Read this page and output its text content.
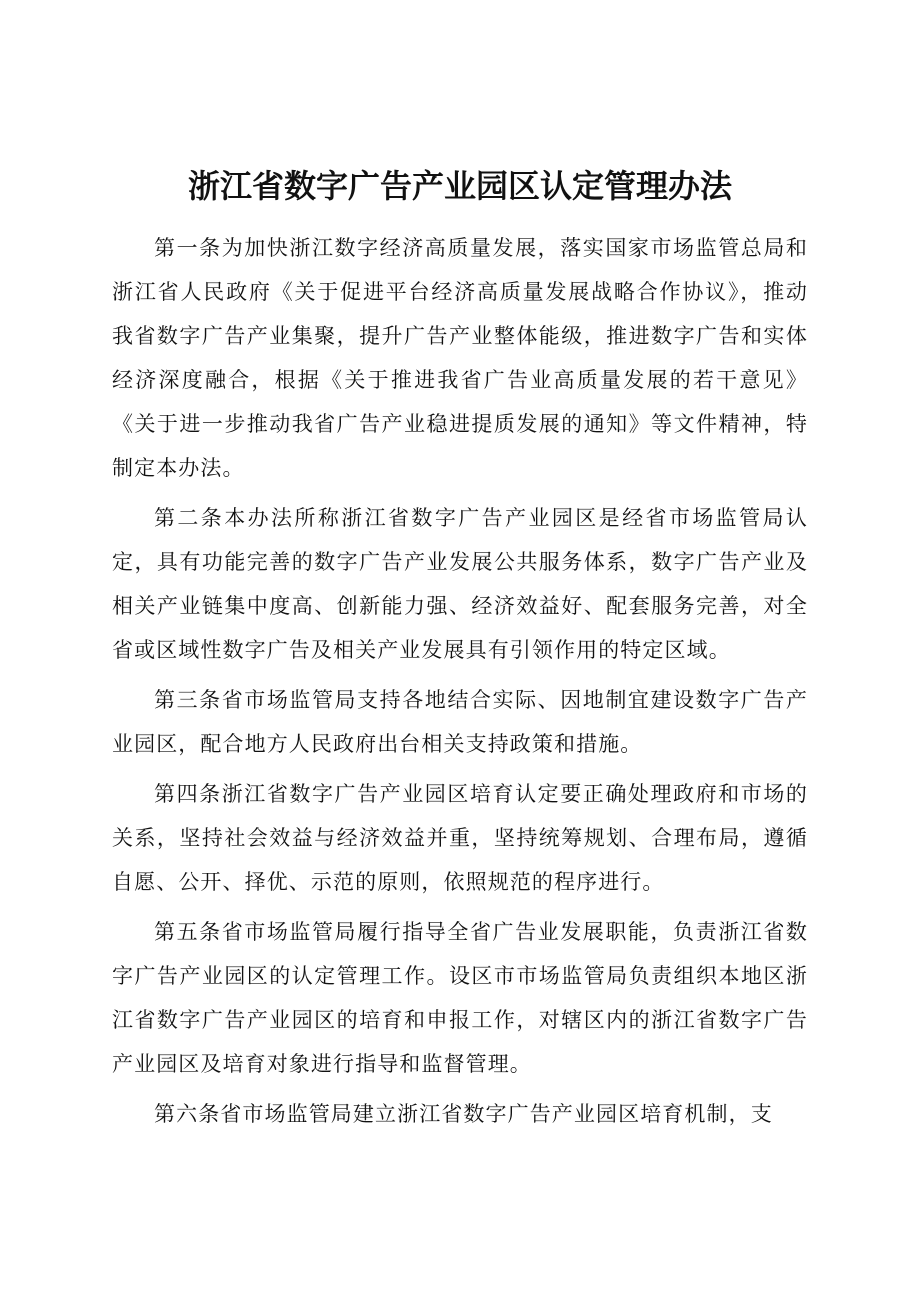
浙江省数字广告产业园区认定管理办法

第一条为加快浙江数字经济高质量发展，落实国家市场监管总局和浙江省人民政府《关于促进平台经济高质量发展战略合作协议》，推动我省数字广告产业集聚，提升广告产业整体能级，推进数字广告和实体经济深度融合，根据《关于推进我省广告业高质量发展的若干意见》《关于进一步推动我省广告产业稳进提质发展的通知》等文件精神，特制定本办法。

第二条本办法所称浙江省数字广告产业园区是经省市场监管局认定，具有功能完善的数字广告产业发展公共服务体系，数字广告产业及相关产业链集中度高、创新能力强、经济效益好、配套服务完善，对全省或区域性数字广告及相关产业发展具有引领作用的特定区域。

第三条省市场监管局支持各地结合实际、因地制宜建设数字广告产业园区，配合地方人民政府出台相关支持政策和措施。

第四条浙江省数字广告产业园区培育认定要正确处理政府和市场的关系，坚持社会效益与经济效益并重，坚持统筹规划、合理布局，遵循自愿、公开、择优、示范的原则，依照规范的程序进行。

第五条省市场监管局履行指导全省广告业发展职能，负责浙江省数字广告产业园区的认定管理工作。设区市市场监管局负责组织本地区浙江省数字广告产业园区的培育和申报工作，对辖区内的浙江省数字广告产业园区及培育对象进行指导和监督管理。

第六条省市场监管局建立浙江省数字广告产业园区培育机制，支
